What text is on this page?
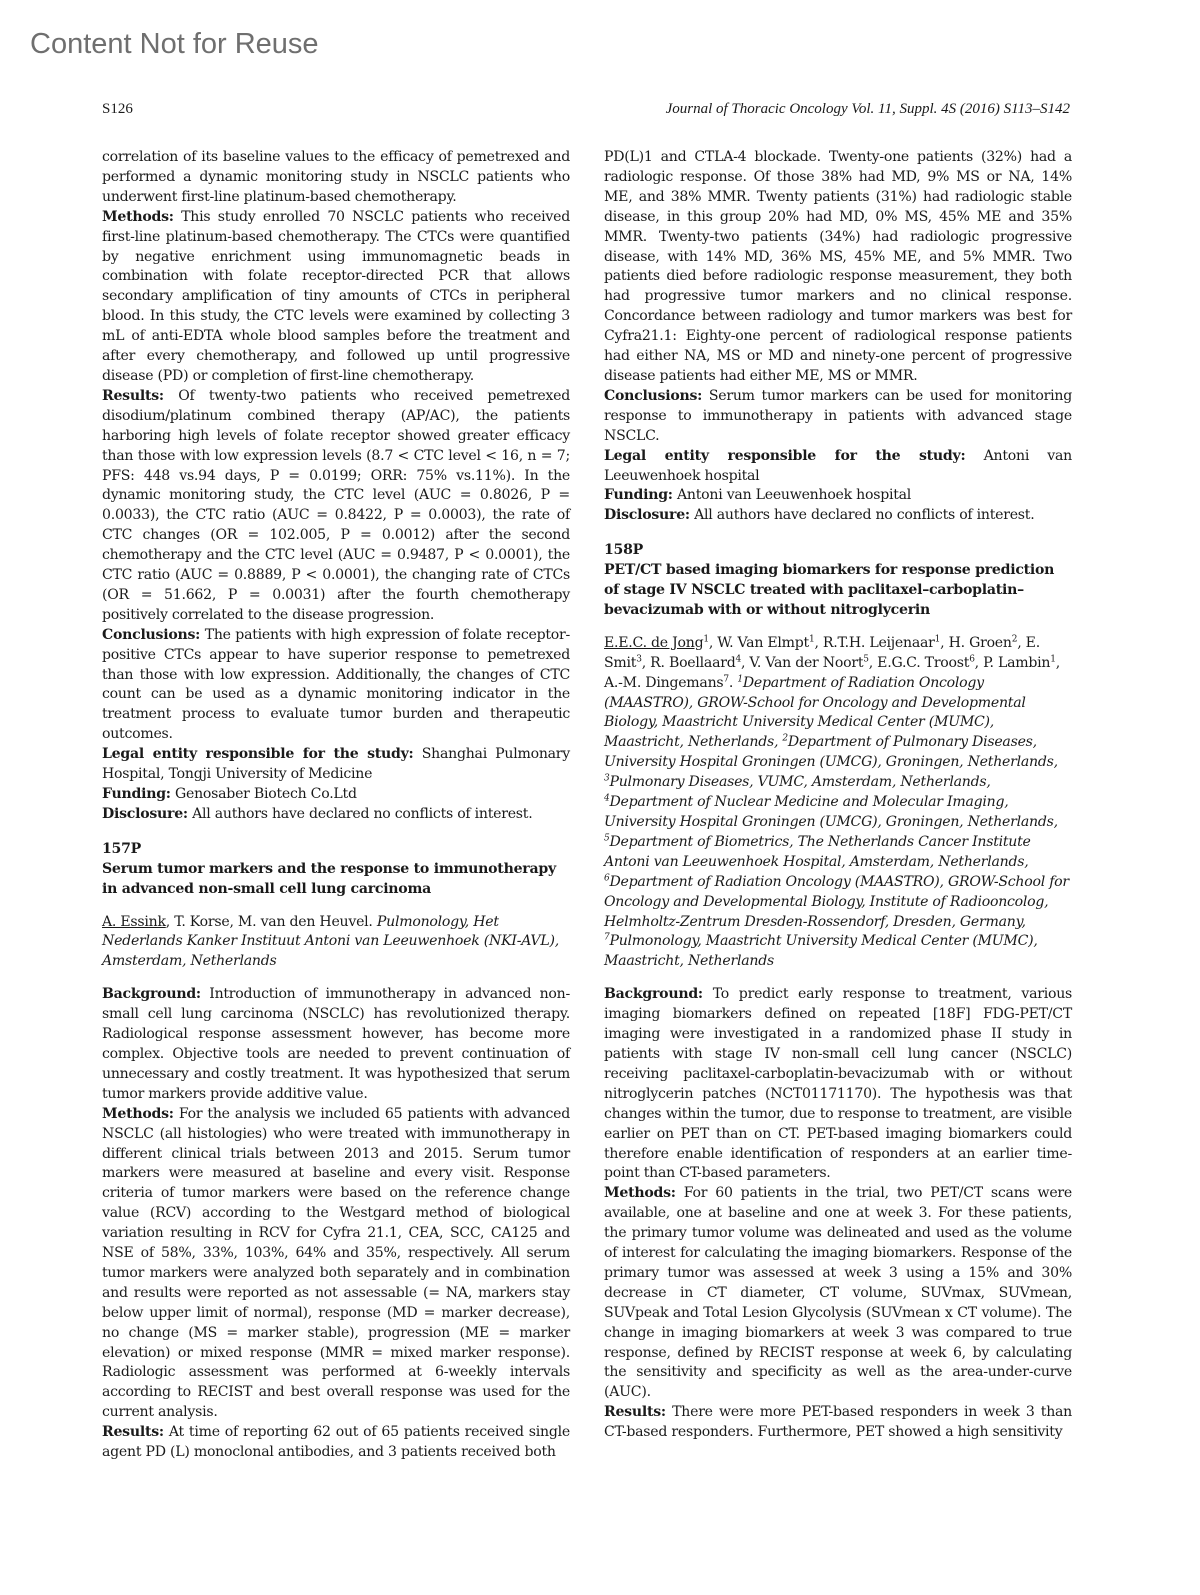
Content Not for Reuse
S126	Journal of Thoracic Oncology Vol. 11, Suppl. 4S (2016) S113–S142

correlation of its baseline values to the efficacy of pemetrexed and performed a dynamic monitoring study in NSCLC patients who underwent first-line platinum-based chemotherapy.

Methods: This study enrolled 70 NSCLC patients who received first-line platinum-based chemotherapy. The CTCs were quantified by negative enrichment using immunomagnetic beads in combination with folate receptor-directed PCR that allows secondary amplification of tiny amounts of CTCs in peripheral blood. In this study, the CTC levels were examined by collecting 3 mL of anti-EDTA whole blood samples before the treatment and after every chemotherapy, and followed up until progressive disease (PD) or completion of first-line chemotherapy.

Results: Of twenty-two patients who received pemetrexed disodium/platinum combined therapy (AP/AC), the patients harboring high levels of folate receptor showed greater efficacy than those with low expression levels (8.7 < CTC level < 16, n = 7; PFS: 448 vs.94 days, P = 0.0199; ORR: 75% vs.11%). In the dynamic monitoring study, the CTC level (AUC = 0.8026, P = 0.0033), the CTC ratio (AUC = 0.8422, P = 0.0003), the rate of CTC changes (OR = 102.005, P = 0.0012) after the second chemotherapy and the CTC level (AUC = 0.9487, P < 0.0001), the CTC ratio (AUC = 0.8889, P < 0.0001), the changing rate of CTCs (OR = 51.662, P = 0.0031) after the fourth chemotherapy positively correlated to the disease progression.

Conclusions: The patients with high expression of folate receptor-positive CTCs appear to have superior response to pemetrexed than those with low expression. Additionally, the changes of CTC count can be used as a dynamic monitoring indicator in the treatment process to evaluate tumor burden and therapeutic outcomes.

Legal entity responsible for the study: Shanghai Pulmonary Hospital, Tongji University of Medicine

Funding: Genosaber Biotech Co.Ltd

Disclosure: All authors have declared no conflicts of interest.

157P

Serum tumor markers and the response to immunotherapy in advanced non-small cell lung carcinoma

A. Essink, T. Korse, M. van den Heuvel. Pulmonology, Het Nederlands Kanker Instituut Antoni van Leeuwenhoek (NKI-AVL), Amsterdam, Netherlands

Background: Introduction of immunotherapy in advanced non-small cell lung carcinoma (NSCLC) has revolutionized therapy. Radiological response assessment however, has become more complex. Objective tools are needed to prevent continuation of unnecessary and costly treatment. It was hypothesized that serum tumor markers provide additive value.

Methods: For the analysis we included 65 patients with advanced NSCLC (all histologies) who were treated with immunotherapy in different clinical trials between 2013 and 2015. Serum tumor markers were measured at baseline and every visit. Response criteria of tumor markers were based on the reference change value (RCV) according to the Westgard method of biological variation resulting in RCV for Cyfra 21.1, CEA, SCC, CA125 and NSE of 58%, 33%, 103%, 64% and 35%, respectively. All serum tumor markers were analyzed both separately and in combination and results were reported as not assessable (= NA, markers stay below upper limit of normal), response (MD = marker decrease), no change (MS = marker stable), progression (ME = marker elevation) or mixed response (MMR = mixed marker response). Radiologic assessment was performed at 6-weekly intervals according to RECIST and best overall response was used for the current analysis.

Results: At time of reporting 62 out of 65 patients received single agent PD (L) monoclonal antibodies, and 3 patients received both

PD(L)1 and CTLA-4 blockade. Twenty-one patients (32%) had a radiologic response. Of those 38% had MD, 9% MS or NA, 14% ME, and 38% MMR. Twenty patients (31%) had radiologic stable disease, in this group 20% had MD, 0% MS, 45% ME and 35% MMR. Twenty-two patients (34%) had radiologic progressive disease, with 14% MD, 36% MS, 45% ME, and 5% MMR. Two patients died before radiologic response measurement, they both had progressive tumor markers and no clinical response. Concordance between radiology and tumor markers was best for Cyfra21.1: Eighty-one percent of radiological response patients had either NA, MS or MD and ninety-one percent of progressive disease patients had either ME, MS or MMR.

Conclusions: Serum tumor markers can be used for monitoring response to immunotherapy in patients with advanced stage NSCLC.

Legal entity responsible for the study: Antoni van Leeuwenhoek hospital

Funding: Antoni van Leeuwenhoek hospital

Disclosure: All authors have declared no conflicts of interest.

158P

PET/CT based imaging biomarkers for response prediction of stage IV NSCLC treated with paclitaxel–carboplatin–bevacizumab with or without nitroglycerin

E.E.C. de Jong$^1$, W. Van Elmpt$^1$, R.T.H. Leijenaar$^1$, H. Groen$^2$, E. Smit$^3$, R. Boellaard$^4$, V. Van der Noort$^5$, E.G.C. Troost$^6$, P. Lambin$^1$, A.-M. Dingemans$^7$. $^1$Department of Radiation Oncology (MAASTRO), GROW-School for Oncology and Developmental Biology, Maastricht University Medical Center (MUMC), Maastricht, Netherlands, $^2$Department of Pulmonary Diseases, University Hospital Groningen (UMCG), Groningen, Netherlands, $^3$Pulmonary Diseases, VUMC, Amsterdam, Netherlands, $^4$Department of Nuclear Medicine and Molecular Imaging, University Hospital Groningen (UMCG), Groningen, Netherlands, $^5$Department of Biometrics, The Netherlands Cancer Institute Antoni van Leeuwenhoek Hospital, Amsterdam, Netherlands, $^6$Department of Radiation Oncology (MAASTRO), GROW-School for Oncology and Developmental Biology, Institute of Radiooncolog, Helmholtz-Zentrum Dresden-Rossendorf, Dresden, Germany, $^7$Pulmonology, Maastricht University Medical Center (MUMC), Maastricht, Netherlands

Background: To predict early response to treatment, various imaging biomarkers defined on repeated [18F] FDG-PET/CT imaging were investigated in a randomized phase II study in patients with stage IV non-small cell lung cancer (NSCLC) receiving paclitaxel-carboplatin-bevacizumab with or without nitroglycerin patches (NCT01171170). The hypothesis was that changes within the tumor, due to response to treatment, are visible earlier on PET than on CT. PET-based imaging biomarkers could therefore enable identification of responders at an earlier time-point than CT-based parameters.

Methods: For 60 patients in the trial, two PET/CT scans were available, one at baseline and one at week 3. For these patients, the primary tumor volume was delineated and used as the volume of interest for calculating the imaging biomarkers. Response of the primary tumor was assessed at week 3 using a 15% and 30% decrease in CT diameter, CT volume, SUVmax, SUVmean, SUVpeak and Total Lesion Glycolysis (SUVmean x CT volume). The change in imaging biomarkers at week 3 was compared to true response, defined by RECIST response at week 6, by calculating the sensitivity and specificity as well as the area-under-curve (AUC).

Results: There were more PET-based responders in week 3 than CT-based responders. Furthermore, PET showed a high sensitivity
